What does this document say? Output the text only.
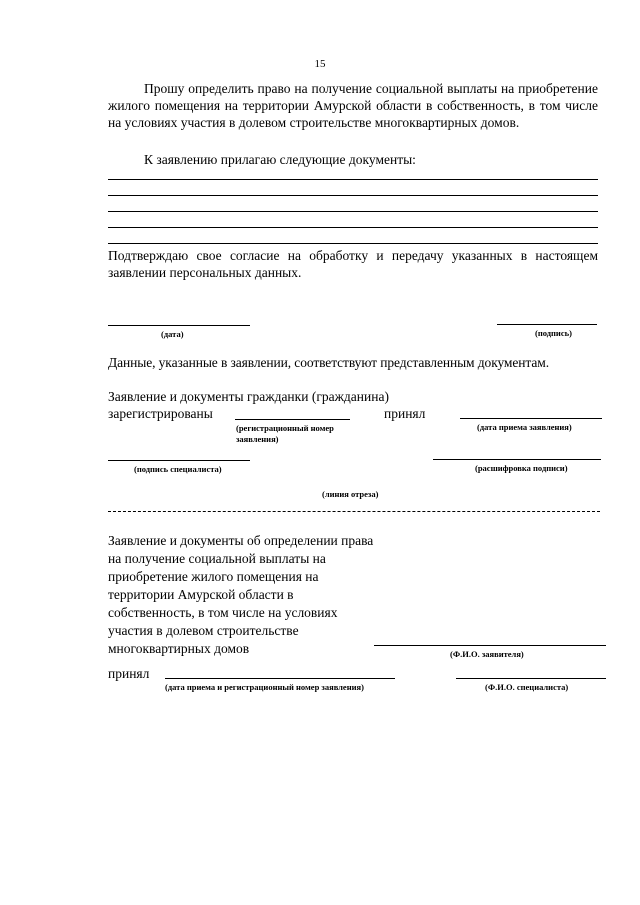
15
Прошу определить право на получение социальной выплаты на приобретение жилого помещения на территории Амурской области в собственность, в том числе на условиях участия в долевом строительстве многоквартирных домов.
К заявлению прилагаю следующие документы:
Подтверждаю свое согласие на обработку и передачу указанных в настоящем заявлении персональных данных.
(дата)	(подпись)
Данные, указанные в заявлении, соответствуют представленным документам.
Заявление и документы гражданки (гражданина)
зарегистрированы
(регистрационный номер заявления)
принял
(дата приема заявления)
(подпись специалиста)	(расшифровка подписи)
(линия отреза)
Заявление и документы об определении права на получение социальной выплаты на приобретение жилого помещения на территории Амурской области в собственность, в том числе на условиях участия в долевом строительстве многоквартирных домов	(Ф.И.О. заявителя)
принял
(дата приема и регистрационный номер заявления)	(Ф.И.О. специалиста)
